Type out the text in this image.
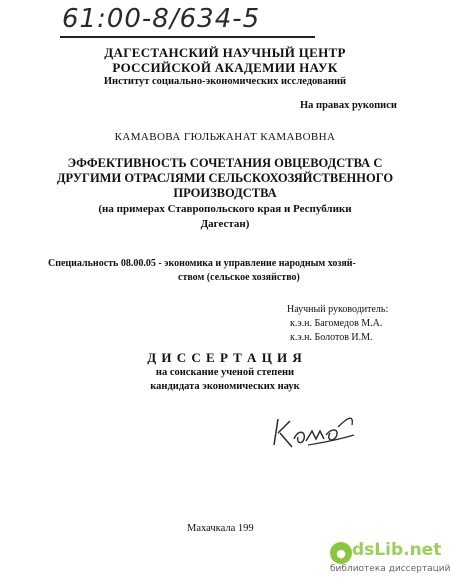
61:00-8/634-5
ДАГЕСТАНСКИЙ НАУЧНЫЙ ЦЕНТР
РОССИЙСКОЙ АКАДЕМИИ НАУК
Институт социально-экономических исследований
На правах рукописи
КАМАВОВА ГЮЛЬЖАНАТ КАМАВОВНА
ЭФФЕКТИВНОСТЬ СОЧЕТАНИЯ ОВЦЕВОДСТВА С
ДРУГИМИ ОТРАСЛЯМИ СЕЛЬСКОХОЗЯЙСТВЕННОГО
ПРОИЗВОДСТВА
(на примерах Ставропольского края и Республики
Дагестан)
Специальность 08.00.05 - экономика и управление народным хозяй-
ством (сельское хозяйство)
Научный руководитель:
к.э.н. Багомедов М.А.
к.э.н. Болотов И.М.
Д И С С Е Р Т А Ц И Я
на соискание ученой степени
кандидата экономических наук
Махачкала 199
dsLib.net
●
библиотека диссертаций
